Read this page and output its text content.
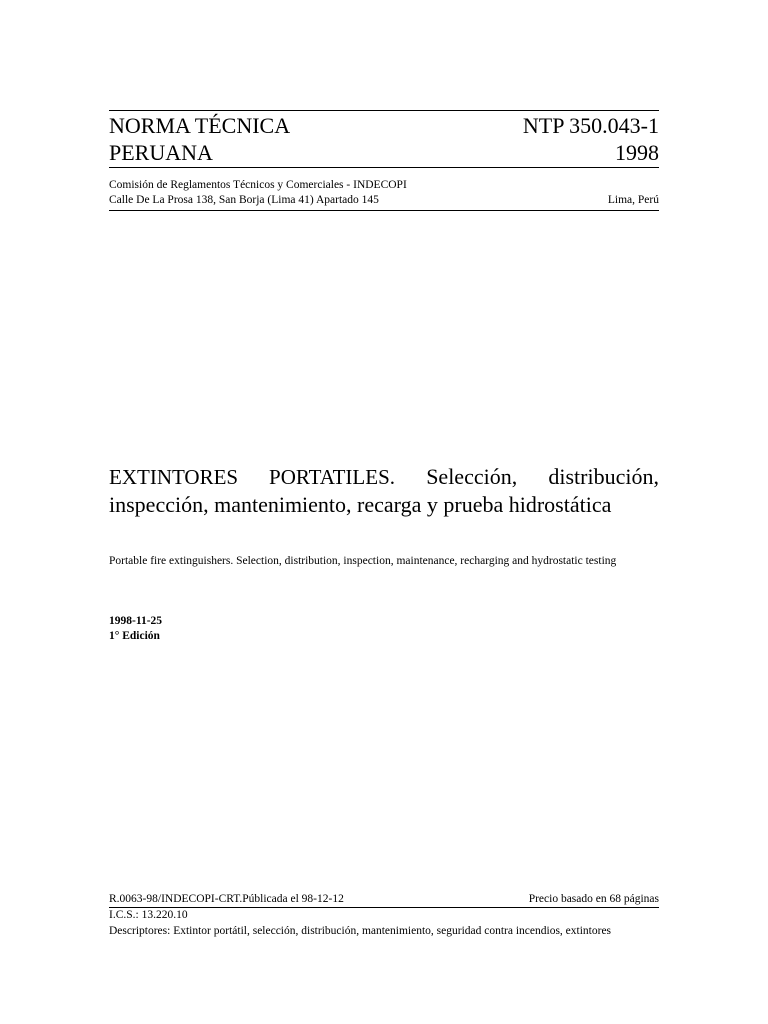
NORMA TÉCNICA
PERUANA
NTP 350.043-1
1998
Comisión de Reglamentos Técnicos y Comerciales - INDECOPI
Calle De La Prosa 138, San Borja (Lima 41) Apartado 145	Lima, Perú
EXTINTORES PORTATILES. Selección, distribución, inspección, mantenimiento, recarga y prueba hidrostática
Portable fire extinguishers. Selection, distribution, inspection, maintenance, recharging and hydrostatic testing
1998-11-25
1° Edición
R.0063-98/INDECOPI-CRT.Públicada el 98-12-12	Precio basado en 68 páginas
I.C.S.: 13.220.10
Descriptores: Extintor portátil, selección, distribución, mantenimiento, seguridad contra incendios, extintores
